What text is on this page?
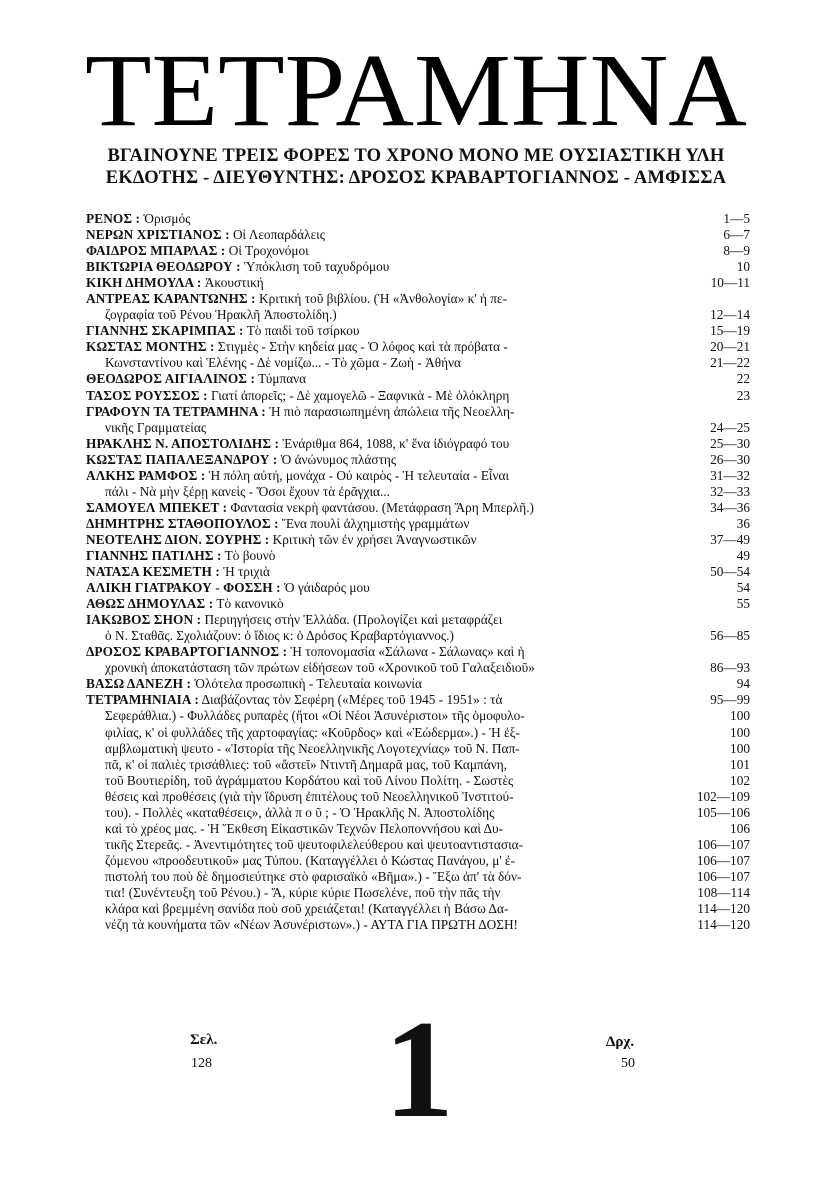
ΤΕΤΡΑΜΗΝΑ
ΒΓΑΙΝΟΥΝΕ ΤΡΕΙΣ ΦΟΡΕΣ ΤΟ ΧΡΟΝΟ ΜΟΝΟ ΜΕ ΟΥΣΙΑΣΤΙΚΗ ΥΛΗ
ΕΚΔΟΤΗΣ - ΔΙΕΥΘΥΝΤΗΣ: ΔΡΟΣΟΣ ΚΡΑΒΑΡΤΟΓΙΑΝΝΟΣ - ΑΜΦΙΣΣΑ
ΡΕΝΟΣ : Ὁρισμός	1—5
ΝΕΡΩΝ ΧΡΙΣΤΙΑΝΟΣ : Οἱ Λεοπαρδάλεις	6—7
ΦΑΙΔΡΟΣ ΜΠΑΡΛΑΣ : Οἱ Τροχονόμοι	8—9
ΒΙΚΤΩΡΙΑ ΘΕΟΔΩΡΟΥ : Ὑπόκλιση τοῦ ταχυδρόμου	10
ΚΙΚΗ ΔΗΜΟΥΛΑ : Ἀκουστική	10—11
ΑΝΤΡΕΑΣ ΚΑΡΑΝΤΩΝΗΣ : Κριτική τοῦ βιβλίου. (Ἡ «Ἀνθολογία» κ' ἡ πε-
ζογραφία τοῦ Ρένου Ἡρακλῆ Ἀποστολίδη.)	12—14
ΓΙΑΝΝΗΣ ΣΚΑΡΙΜΠΑΣ : Τὸ παιδὶ τοῦ τσίρκου	15—19
ΚΩΣΤΑΣ ΜΟΝΤΗΣ : Στιγμὲς - Στὴν κηδεία μας - Ὁ λόφος καὶ τὰ πρόβατα -	20—21
Κωνσταντίνου καὶ Ἑλένης - Δὲ νομίζω... - Τὸ χῶμα - Ζωὴ - Ἀθήνα	21—22
ΘΕΟΔΩΡΟΣ ΑΙΓΙΑΛΙΝΟΣ : Τύμπανα	22
ΤΑΣΟΣ ΡΟΥΣΣΟΣ : Γιατί ἀπορεῖς; - Δὲ χαμογελῶ - Ξαφνικὰ - Μὲ ὁλόκληρη	23
ΓΡΑΦΟΥΝ ΤΑ ΤΕΤΡΑΜΗΝΑ : Ἡ πιὸ παρασιωπημένη ἀπώλεια τῆς Νεοελλη-
νικῆς Γραμματείας	24—25
ΗΡΑΚΛΗΣ Ν. ΑΠΟΣΤΟΛΙΔΗΣ : Ἐνάριθμα 864, 1088, κ' ἕνα ἰδιόγραφό του	25—30
ΚΩΣΤΑΣ ΠΑΠΑΛΕΞΑΝΔΡΟΥ : Ὁ ἀνώνυμος πλάστης	26—30
ΑΛΚΗΣ ΡΑΜΦΟΣ : Ἡ πόλη αὐτή, μονάχα - Οὐ καιρὸς - Ἡ τελευταία - Εἶναι	31—32
πάλι - Νὰ μὴν ξέρῃ κανεὶς - Ὅσοι ἔχουν τὰ ἐρᾶγχια...	32—33
ΣΑΜΟΥΕΛ ΜΠΕΚΕΤ : Φαντασία νεκρὴ φαντάσου. (Μετάφραση Ἄρη Μπερλῆ.)	34—36
ΔΗΜΗΤΡΗΣ ΣΤΑΘΟΠΟΥΛΟΣ : Ἕνα πουλὶ ἀλχημιστὴς γραμμάτων	36
ΝΕΟΤΕΛΗΣ ΔΙΟΝ. ΣΟΥΡΗΣ : Κριτικὴ τῶν ἐν χρήσει Ἀναγνωστικῶν	37—49
ΓΙΑΝΝΗΣ ΠΑΤΙΛΗΣ : Τὸ βουνὸ	49
ΝΑΤΑΣΑ ΚΕΣΜΕΤΗ : Ἡ τριχιὰ	50—54
ΑΛΙΚΗ ΓΙΑΤΡΑΚΟΥ - ΦΟΣΣΗ : Ὁ γάιδαρός μου	54
ΑΘΩΣ ΔΗΜΟΥΛΑΣ : Τὸ κανονικὸ	55
ΙΑΚΩΒΟΣ ΣΗΟΝ : Περιηγήσεις στὴν Ἑλλάδα. (Προλογίζει καὶ μεταφράζει
ὁ Ν. Σταθᾶς. Σχολιάζουν: ὁ ἴδιος κ: ὁ Δρόσος Κραβαρτόγιαννος.)	56—85
ΔΡΟΣΟΣ ΚΡΑΒΑΡΤΟΓΙΑΝΝΟΣ : Ἡ τοπονομασία «Σάλωνα - Σάλωνας» καὶ ἡ
χρονικὴ ἀποκατάσταση τῶν πρώτων εἰδήσεων τοῦ «Χρονικοῦ τοῦ Γαλαξειδιοῦ»	86—93
ΒΑΣΩ ΔΑΝΕΖΗ : Ὁλότελα προσωπικὴ - Τελευταία κοινωνία	94
ΤΕΤΡΑΜΗΝΙΑΙΑ : Διαβάζοντας τὸν Σεφέρη («Μέρες τοῦ 1945 - 1951» : τὰ	95—99
Σεφεράθλια.) - Φυλλάδες ρυπαρὲς (ἤτοι «Οἱ Νέοι Ἀσυνέριστοι» τῆς ὁμοφυλο-	100
φιλίας, κ' οἱ φυλλάδες τῆς χαρτοφαγίας: «Κοῦρδος» καὶ «Ἐώδερμα».) - Ἡ ἐξ-	100
αμβλωματικὴ ψευτο - «Ἱστορία τῆς Νεοελληνικῆς Λογοτεχνίας» τοῦ Ν. Παπ-	100
πᾶ, κ' οἱ παλιὲς τρισάθλιες: τοῦ «ἄστεῖ» Ντιντῆ Δημαρᾶ μας, τοῦ Καμπάνη,	101
τοῦ Βουτιερίδη, τοῦ ἀγράμματου Κορδάτου καὶ τοῦ Λίνου Πολίτη. - Σωστὲς	102
θέσεις καὶ προθέσεις (γιὰ τὴν ἵδρυση ἐπιτέλους τοῦ Νεοελληνικοῦ Ἰνστιτού-	102—109
του). - Πολλὲς «καταθέσεις», ἀλλὰ π ο ῦ ; - Ὁ Ἡρακλῆς Ν. Ἀποστολίδης	105—106
καὶ τὸ χρέος μας. - Ἡ Ἔκθεση Εἰκαστικῶν Τεχνῶν Πελοποννήσου καὶ Δυ-	106
τικῆς Στερεᾶς. - Ἀνεντιμότητες τοῦ ψευτοφιλελεύθερου καὶ ψευτοαντιστασια-	106—107
ζόμενου «προοδευτικοῦ» μας Τύπου. (Καταγγέλλει ὁ Κώστας Πανάγου, μ' ἐ-	106—107
πιστολή του ποὺ δὲ δημοσιεύτηκε στὸ φαρισαϊκὸ «Βῆμα».) - Ἔξω ἀπ' τὰ δόν-	106—107
τια! (Συνέντευξη τοῦ Ρένου.) - Ἄ, κύριε κύριε Πωσελένε, ποῦ τὴν πᾶς τὴν	108—114
κλάρα καὶ βρεμμένη σανίδα ποὺ σοῦ χρειάζεται! (Καταγγέλλει ἡ Βάσω Δα-	114—120
νέζη τὰ κουνήματα τῶν «Νέων Ἀσυνέριστων».) - ΑΥΤΑ ΓΙΑ ΠΡΩΤΗ ΔΟΣΗ!	114—120
Σελ.
128 1	Δρχ.
50
